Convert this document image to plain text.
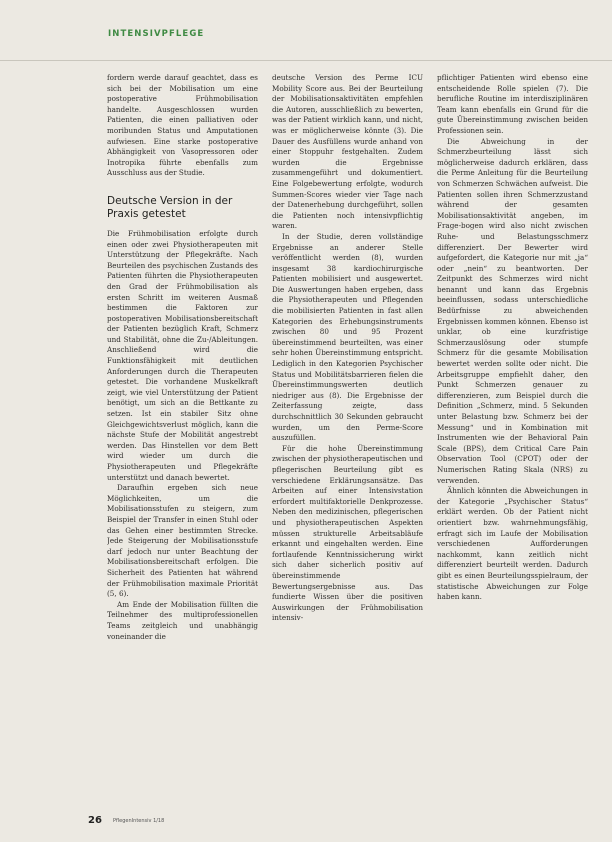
INTENSIVPFLEGE

fordern werde darauf geachtet, dass es sich bei der Mobilisation um eine postoperative Frühmobilisation handelte. Ausgeschlossen wurden Patienten, die einen palliativen oder moribunden Status und Amputationen aufwiesen. Eine starke postoperative Abhängigkeit von Vasopressoren oder Inotropika führte ebenfalls zum Ausschluss aus der Studie.

Deutsche Version in der Praxis getestet

Die Frühmobilisation erfolgte durch einen oder zwei Physiotherapeuten mit Unterstützung der Pflegekräfte. Nach Beurteilen des psychischen Zustands des Patienten führten die Physiotherapeuten den Grad der Frühmobilisation als ersten Schritt im weiteren Ausmaß bestimmen die Faktoren zur postoperativen Mobilisationsbereitschaft der Patienten bezüglich Kraft, Schmerz und Stabilität, ohne die Zu-/Ableitungen. Anschließend wird die Funktionsfähigkeit mit deutlichen Anforderungen durch die Therapeuten getestet. Die vorhandene Muskelkraft zeigt, wie viel Unterstützung der Patient benötigt, um sich an die Bettkante zu setzen. Ist ein stabiler Sitz ohne Gleichgewichtsverlust möglich, kann die nächste Stufe der Mobilität angestrebt werden. Das Hinstellen vor dem Bett wird wieder um durch die Physiotherapeuten und Pflegekräfte unterstützt und danach bewertet.

Daraufhin ergeben sich neue Möglichkeiten, um die Mobilisationsstufen zu steigern, zum Beispiel der Transfer in einen Stuhl oder das Gehen einer bestimmten Strecke. Jede Steigerung der Mobilisationsstufe darf jedoch nur unter Beachtung der Mobilisationsbereitschaft erfolgen. Die Sicherheit des Patienten hat während der Frühmobilisation maximale Priorität (5, 6).

Am Ende der Mobilisation füllten die Teilnehmer des multiprofessionellen Teams zeitgleich und unabhängig voneinander die

deutsche Version des Perme ICU Mobility Score aus. Bei der Beurteilung der Mobilisationsaktivitäten empfehlen die Autoren, ausschließlich zu bewerten, was der Patient wirklich kann, und nicht, was er möglicherweise könnte (3). Die Dauer des Ausfüllens wurde anhand von einer Stoppuhr festgehalten. Zudem wurden die Ergebnisse zusammengeführt und dokumentiert. Eine Folgebewertung erfolgte, wodurch Summen-Scores wieder vier Tage nach der Datenerhebung durchgeführt, sollen die Patienten noch intensivpflichtig waren.

In der Studie, deren vollständige Ergebnisse an anderer Stelle veröffentlicht werden (8), wurden insgesamt 38 kardiochirurgische Patienten mobilisiert und ausgewertet. Die Auswertungen haben ergeben, dass die Physiotherapeuten und Pflegenden die mobilisierten Patienten in fast allen Kategorien des Erhebungsinstruments zwischen 80 und 95 Prozent übereinstimmend beurteilten, was einer sehr hohen Übereinstimmung entspricht. Lediglich in den Kategorien Psychischer Status und Mobilitätsbarrieren fielen die Übereinstimmungswerten deutlich niedriger aus (8). Die Ergebnisse der Zeiterfassung zeigte, dass durchschnittlich 30 Sekunden gebraucht wurden, um den Perme-Score auszufüllen.

Für die hohe Übereinstimmung zwischen der physiotherapeutischen und pflegerischen Beurteilung gibt es verschiedene Erklärungsansätze. Das Arbeiten auf einer Intensivstation erfordert multifaktorielle Denkprozesse. Neben den medizinischen, pflegerischen und physiotherapeutischen Aspekten müssen strukturelle Arbeitsabläufe erkannt und eingehalten werden. Eine fortlaufende Kenntnissicherung wirkt sich daher sicherlich positiv auf übereinstimmende Bewertungsergebnisse aus. Das fundierte Wissen über die positiven Auswirkungen der Frühmobilisation intensiv-

pflichtiger Patienten wird ebenso eine entscheidende Rolle spielen (7). Die berufliche Routine im interdisziplinären Team kann ebenfalls ein Grund für die gute Übereinstimmung zwischen beiden Professionen sein.

Die Abweichung in der Schmerzbeurteilung lässt sich möglicherweise dadurch erklären, dass die Perme Anleitung für die Beurteilung von Schmerzen Schwächen aufweist. Die Patienten sollen ihren Schmerzzustand während der gesamten Mobilisationsaktivität angeben, im Frage-bogen wird also nicht zwischen Ruhe- und Belastungsschmerz differenziert. Der Bewerter wird aufgefordert, die Kategorie nur mit „ja“ oder „nein“ zu beantworten. Der Zeitpunkt des Schmerzes wird nicht benannt und kann das Ergebnis beeinflussen, sodass unterschiedliche Bedürfnisse zu abweichenden Ergebnissen kommen können. Ebenso ist unklar, ob eine kurzfristige Schmerzauslösung oder stumpfe Schmerz für die gesamte Mobilisation bewertet werden sollte oder nicht. Die Arbeitsgruppe empfiehlt daher, den Punkt Schmerzen genauer zu differenzieren, zum Beispiel durch die Definition „Schmerz, mind. 5 Sekunden unter Belastung bzw. Schmerz bei der Messung“ und in Kombination mit Instrumenten wie der Behavioral Pain Scale (BPS), dem Critical Care Pain Observation Tool (CPOT) oder der Numerischen Rating Skala (NRS) zu verwenden.

Ähnlich könnten die Abweichungen in der Kategorie „Psychischer Status“ erklärt werden. Ob der Patient nicht orientiert bzw. wahrnehmungsfähig, erfragt sich im Laufe der Mobilisation verschiedenen Aufforderungen nachkommt, kann zeitlich nicht differenziert beurteilt werden. Dadurch gibt es einen Beurteilungsspielraum, der statistische Abweichungen zur Folge haben kann.

26 PflegenIntensiv 1/18
